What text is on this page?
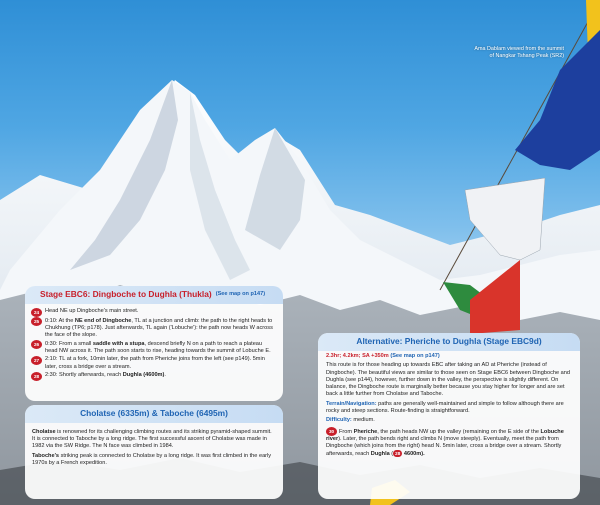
Ama Dablam viewed from the summit
of Nangkar Tshang Peak (SR2)
Stage EBC6: Dingboche to Dughla (Thukla) (See map on p147)
24	Head NE up Dingboche's main street.
25	0:10: At the NE end of Dingboche, TL at a junction and climb: the path to the right heads to Chukhung (TP6; p178). Just afterwards, TL again ('Lobuche'): the path now heads W across the face of the slope.
26	0:30: From a small saddle with a stupa, descend briefly N on a path to reach a plateau head NW across it. The path soon starts to rise, heading towards the summit of Lobuche E.
27	2:10: TL at a fork, 10min later, the path from Pheriche joins from the left (see p149). 5min later, cross a bridge over a stream.
28	2:30: Shortly afterwards, reach Dughla (4600m).
Cholatse (6335m) & Taboche (6495m)

Cholatse is renowned for its challenging climbing routes and its striking pyramid-shaped summit. It is connected to Taboche by a long ridge. The first successful ascent of Cholatse was made in 1982 via the SW Ridge. The N face was climbed in 1984.

Taboche's striking peak is connected to Cholatse by a long ridge. It was first climbed in the early 1970s by a French expedition.

Alternative: Pheriche to Dughla (Stage EBC9d)

2.3hr; 4.2km; SA +350m (See map on p147)

This route is for those heading up towards EBC after taking an AD at Pheriche (instead of Dingboche). The beautiful views are similar to those seen on Stage EBC6 between Dingboche and Dughla (see p144), however, further down in the valley, the perspective is slightly different. On balance, the Dingboche route is marginally better because you stay higher for longer and are set back a little further from Cholatse and Taboche.

Terrain/Navigation: paths are generally well-maintained and simple to follow although there are rocky and steep sections. Route-finding is straightforward.

Difficulty: medium.

30 From Pheriche, the path heads NW up the valley (remaining on the E side of the Lobuche river). Later, the path bends right and climbs N (move steeply). Eventually, meet the path from Dingboche (which joins from the right) head N. 5min later, cross a bridge over a stream. Shortly afterwards, reach Dughla ( 28 4600m).
